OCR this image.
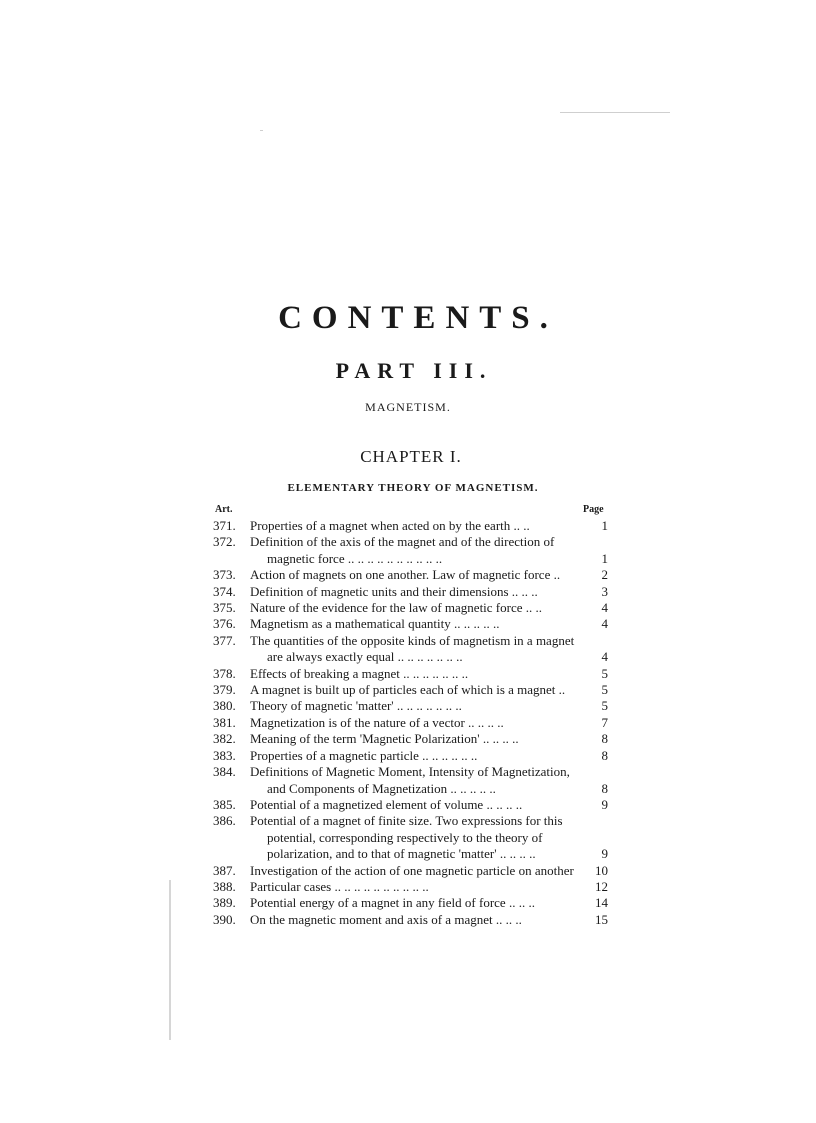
CONTENTS.
PART III.
MAGNETISM.
CHAPTER I.
ELEMENTARY THEORY OF MAGNETISM.
Art.	Page
371.	Properties of a magnet when acted on by the earth .. ..	1
372.	Definition of the axis of the magnet and of the direction of magnetic force .. .. .. .. .. .. .. .. .. ..	1
373.	Action of magnets on one another. Law of magnetic force ..	2
374.	Definition of magnetic units and their dimensions .. .. ..	3
375.	Nature of the evidence for the law of magnetic force .. ..	4
376.	Magnetism as a mathematical quantity .. .. .. .. ..	4
377.	The quantities of the opposite kinds of magnetism in a magnet are always exactly equal .. .. .. .. .. .. ..	4
378.	Effects of breaking a magnet .. .. .. .. .. .. ..	5
379.	A magnet is built up of particles each of which is a magnet ..	5
380.	Theory of magnetic 'matter' .. .. .. .. .. .. ..	5
381.	Magnetization is of the nature of a vector .. .. .. ..	7
382.	Meaning of the term 'Magnetic Polarization' .. .. .. ..	8
383.	Properties of a magnetic particle .. .. .. .. .. ..	8
384.	Definitions of Magnetic Moment, Intensity of Magnetization, and Components of Magnetization .. .. .. .. ..	8
385.	Potential of a magnetized element of volume .. .. .. ..	9
386.	Potential of a magnet of finite size. Two expressions for this potential, corresponding respectively to the theory of polarization, and to that of magnetic 'matter' .. .. .. ..	9
387.	Investigation of the action of one magnetic particle on another	10
388.	Particular cases .. .. .. .. .. .. .. .. .. ..	12
389.	Potential energy of a magnet in any field of force .. .. ..	14
390.	On the magnetic moment and axis of a magnet .. .. ..	15
